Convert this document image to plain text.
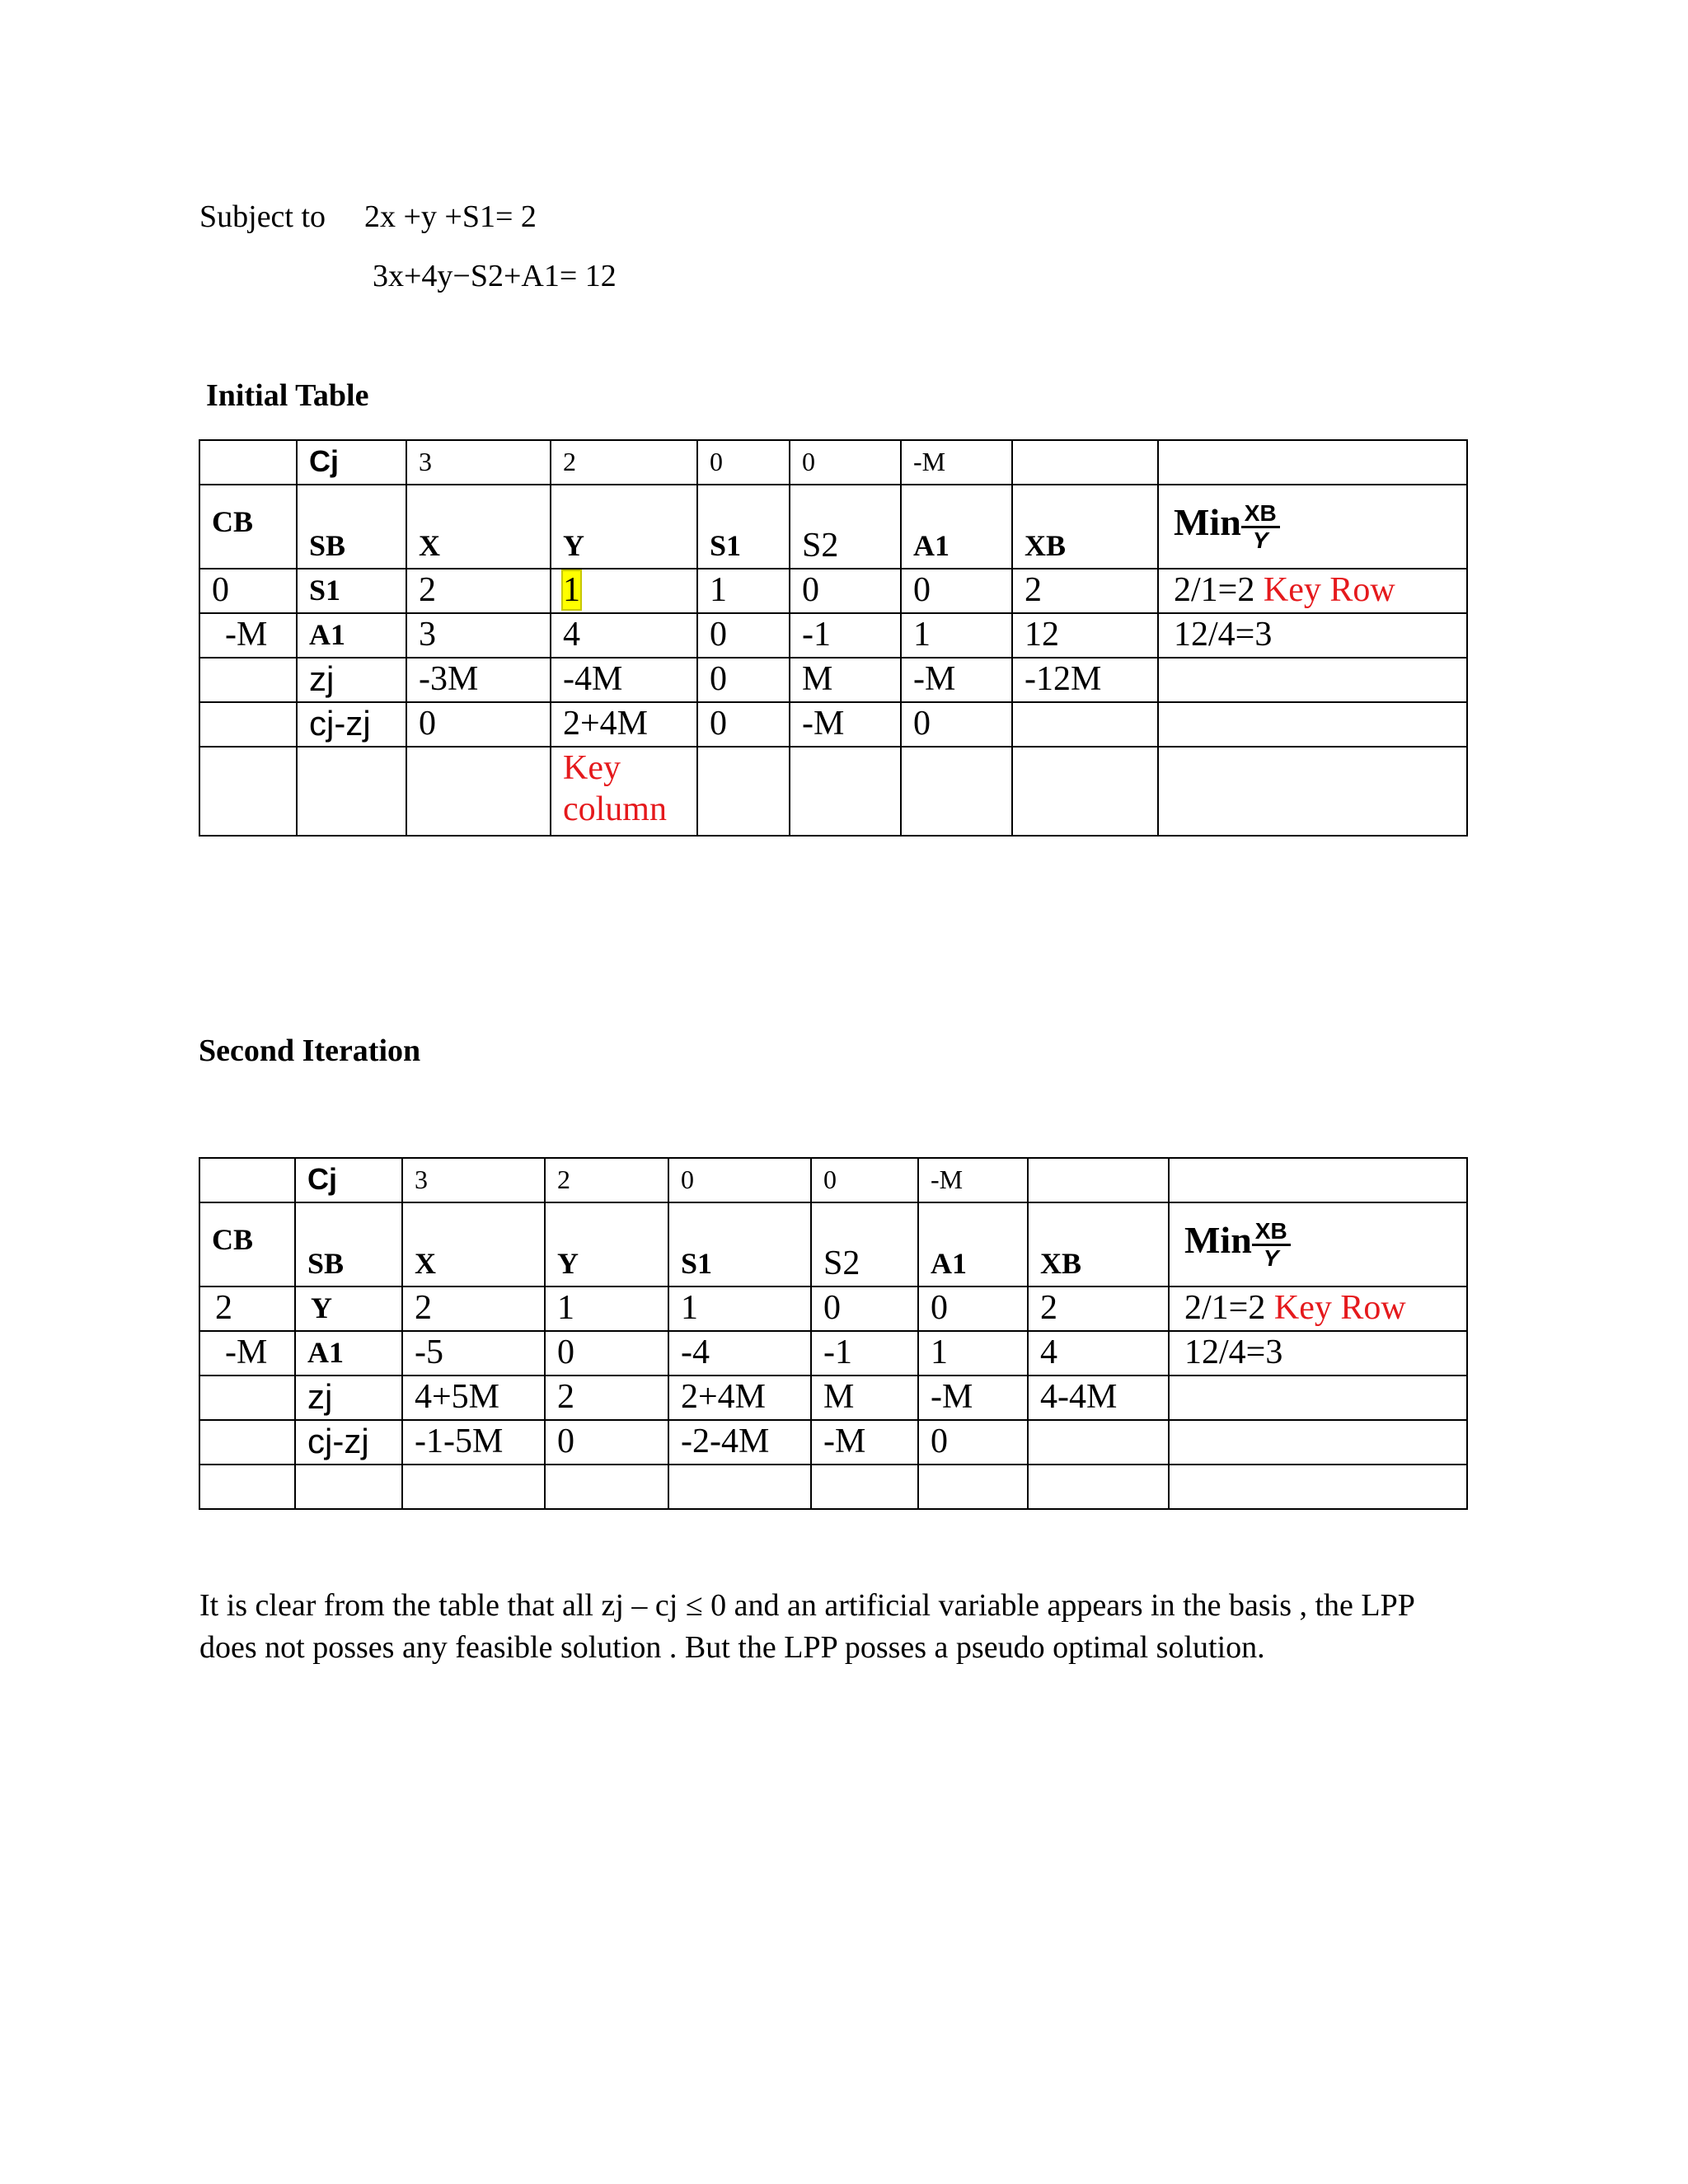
Subject to 2x +y +S1= 2
3x+4y−S2+A1= 12
Initial Table
	Cj	3	2	0	0	-M		
CB	SB	X	Y	S1	S2	A1	XB	Min $\frac{XB}{Y}$

0	S1	2	1	1	0	0	2	2/1=2 Key Row
-M	A1	3	4	0	-1	1	12	12/4=3
	zj	-3M	-4M	0	M	-M	-12M	
	cj-zj	0	2+4M	0	-M	0		
			Key
column					
Second Iteration
	Cj	3	2	0	0	-M		
CB	SB	X	Y	S1	S2	A1	XB	Min $\frac{XB}{Y}$

2	Y	2	1	1	0	0	2	2/1=2 Key Row
-M	A1	-5	0	-4	-1	1	4	12/4=3
	zj	4+5M	2	2+4M	M	-M	4-4M	
	cj-zj	-1-5M	0	-2-4M	-M	0		

It is clear from the table that all zj – cj ≤ 0 and an artificial variable appears in the basis , the LPP
does not posses any feasible solution . But the LPP posses a pseudo optimal solution.
